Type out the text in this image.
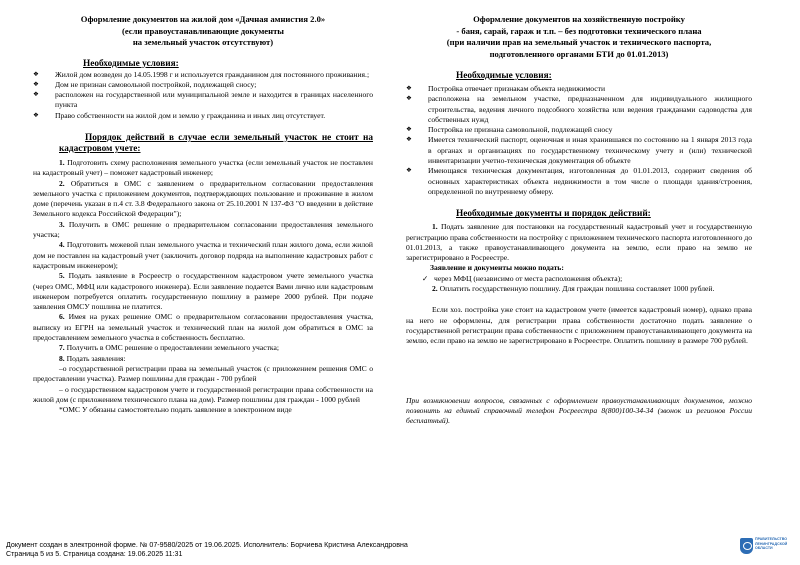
Оформление документов на жилой дом «Дачная амнистия 2.0»
(если правоустанавливающие документы
на земельный участок отсутствуют)

Необходимые условия:

❖ Жилой дом возведен до 14.05.1998 г и используется гражданином для постоянного проживания.;

❖ Дом не признан самовольной постройкой, подлежащей сносу;

❖ расположен на государственной или муниципальной земле и находится в границах населенного пункта

❖ Право собственности на жилой дом и землю у гражданина и иных лиц отсутствует.

Порядок действий в случае если земельный участок не стоит на кадастровом учете:

1. Подготовить схему расположения земельного участка (если земельный участок не поставлен на кадастровый учет) – поможет кадастровый инженер;

2. Обратиться в ОМС с заявлением о предварительном согласовании предоставления земельного участка с приложением документов, подтверждающих пользование и проживание в жилом доме (перечень указан в п.4 ст. 3.8 Федерального закона от 25.10.2001 N 137-ФЗ "О введении в действие Земельного кодекса Российской Федерации");

3. Получить в ОМС решение о предварительном согласовании предоставления земельного участка;

4. Подготовить межевой план земельного участка и технический план жилого дома, если жилой дом не поставлен на кадастровый учет (заключить договор подряда на выполнение кадастровых работ с кадастровым инженером);

5. Подать заявление в Росреестр о государственном кадастровом учете земельного участка (через ОМС, МФЦ или кадастрового инженера). Если заявление подается Вами лично или кадастровым инженером потребуется оплатить государственную пошлину в размере 2000 рублей. При подаче заявления ОМСУ пошлина не платится.

6. Имея на руках решение ОМС о предварительном согласовании предоставления участка, выписку из ЕГРН на земельный участок и технический план на жилой дом обратиться в ОМС за предоставлением земельного участка в собственность бесплатно.

7. Получить в ОМС решение о предоставлении земельного участка;

8. Подать заявления:

–о государственной регистрации права на земельный участок (с приложением решения ОМС о предоставлении участка). Размер пошлины для граждан - 700 рублей

– о государственном кадастровом учете и государственной регистрации права собственности на жилой дом (с приложением технического плана на дом). Размер пошлины для граждан - 1000 рублей

*ОМС У обязаны самостоятельно подать заявление в электронном виде

Оформление документов на хозяйственную постройку
- баня, сарай, гараж и т.п. – без подготовки технического плана
(при наличии прав на земельный участок и технического паспорта,
подготовленного органами БТИ до 01.01.2013)

Необходимые условия:

❖ Постройка отвечает признакам объекта недвижимости

❖ расположена на земельном участке, предназначенном для индивидуального жилищного строительства, ведения личного подсобного хозяйства или ведения гражданами садоводства для собственных нужд

❖ Постройка не признана самовольной, подлежащей сносу

❖ Имеется технический паспорт, оценочная и иная хранившаяся по состоянию на 1 января 2013 года в органах и организациях по государственному техническому учету и (или) технической инвентаризации учетно-техническая документация об объекте

❖ Имеющаяся техническая документация, изготовленная до 01.01.2013, содержит сведения об основных характеристиках объекта недвижимости в том числе о площади здания/строения, определенной по внутреннему обмеру.

Необходимые документы и порядок действий:

1. Подать заявление для постановки на государственный кадастровый учет и государственную регистрацию права собственности на постройку с приложением технического паспорта изготовленного до 01.01.2013, а также правоустанавливающего документа на землю, если право на землю не зарегистрировано в Росреестре.

Заявление и документы можно подать:

✓ через МФЦ (независимо от места расположения объекта);

2. Оплатить государственную пошлину. Для граждан пошлина составляет 1000 рублей.

Если хоз. постройка уже стоит на кадастровом учете (имеется кадастровый номер), однако права на него не оформлены, для регистрации права собственности достаточно подать заявление о государственной регистрации права собственности с приложением правоустанавливающего документа на землю, если право на землю не зарегистрировано в Росреестре. Оплатить пошлину в размере 700 рублей.

При возникновении вопросов, связанных с оформлением правоустанавливающих документов, можно позвонить на единый справочный телефон Росреестра 8(800)100-34-34 (звонок из регионов России бесплатный).

Документ создан в электронной форме. № 07-9580/2025 от 19.06.2025. Исполнитель: Борчиева Кристина Александровна
Страница 5 из 5. Страница создана: 19.06.2025 11:31
ПРАВИТЕЛЬСТВО ЛЕНИНГРАДСКОЙ ОБЛАСТИ
